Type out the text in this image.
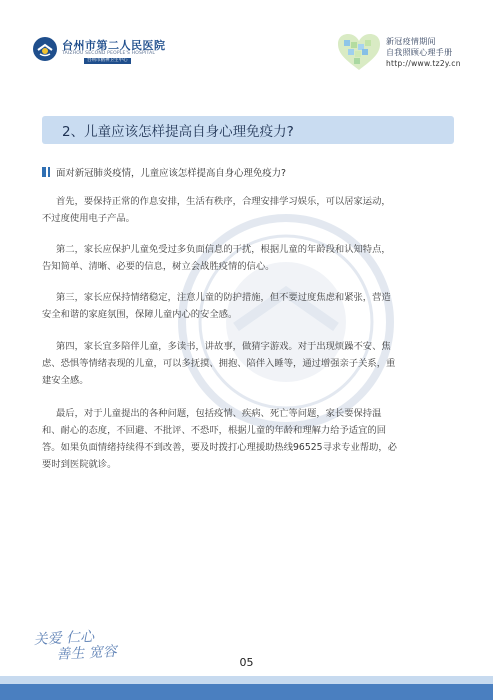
台州市第二人民医院
TAIZHOU SECOND PEOPLE'S HOSPITAL
台州市精神卫生中心
新冠疫情期间
自我照顾心理手册
http://www.tz2y.cn
2、儿童应该怎样提高自身心理免疫力?
面对新冠肺炎疫情，儿童应该怎样提高自身心理免疫力?
首先，要保持正常的作息安排，生活有秩序，合理安排学习娱乐，可以居家运动，
不过度使用电子产品。
第二，家长应保护儿童免受过多负面信息的干扰，根据儿童的年龄段和认知特点，
告知简单、清晰、必要的信息，树立会战胜疫情的信心。
第三，家长应保持情绪稳定，注意儿童的防护措施，但不要过度焦虑和紧张，营造
安全和谐的家庭氛围，保障儿童内心的安全感。
第四，家长宜多陪伴儿童，多读书，讲故事，做猜字游戏。对于出现烦躁不安、焦
虑、恐惧等情绪表现的儿童，可以多抚摸、拥抱、陪伴入睡等，通过增强亲子关系，重
建安全感。
最后，对于儿童提出的各种问题，包括疫情、疾病、死亡等问题，家长要保持温
和、耐心的态度，不回避、不批评、不恐吓，根据儿童的年龄和理解力给予适宜的回
答。如果负面情绪持续得不到改善，要及时拨打心理援助热线96525寻求专业帮助，必
要时到医院就诊。
关爱 仁心
善生 宽容	05
